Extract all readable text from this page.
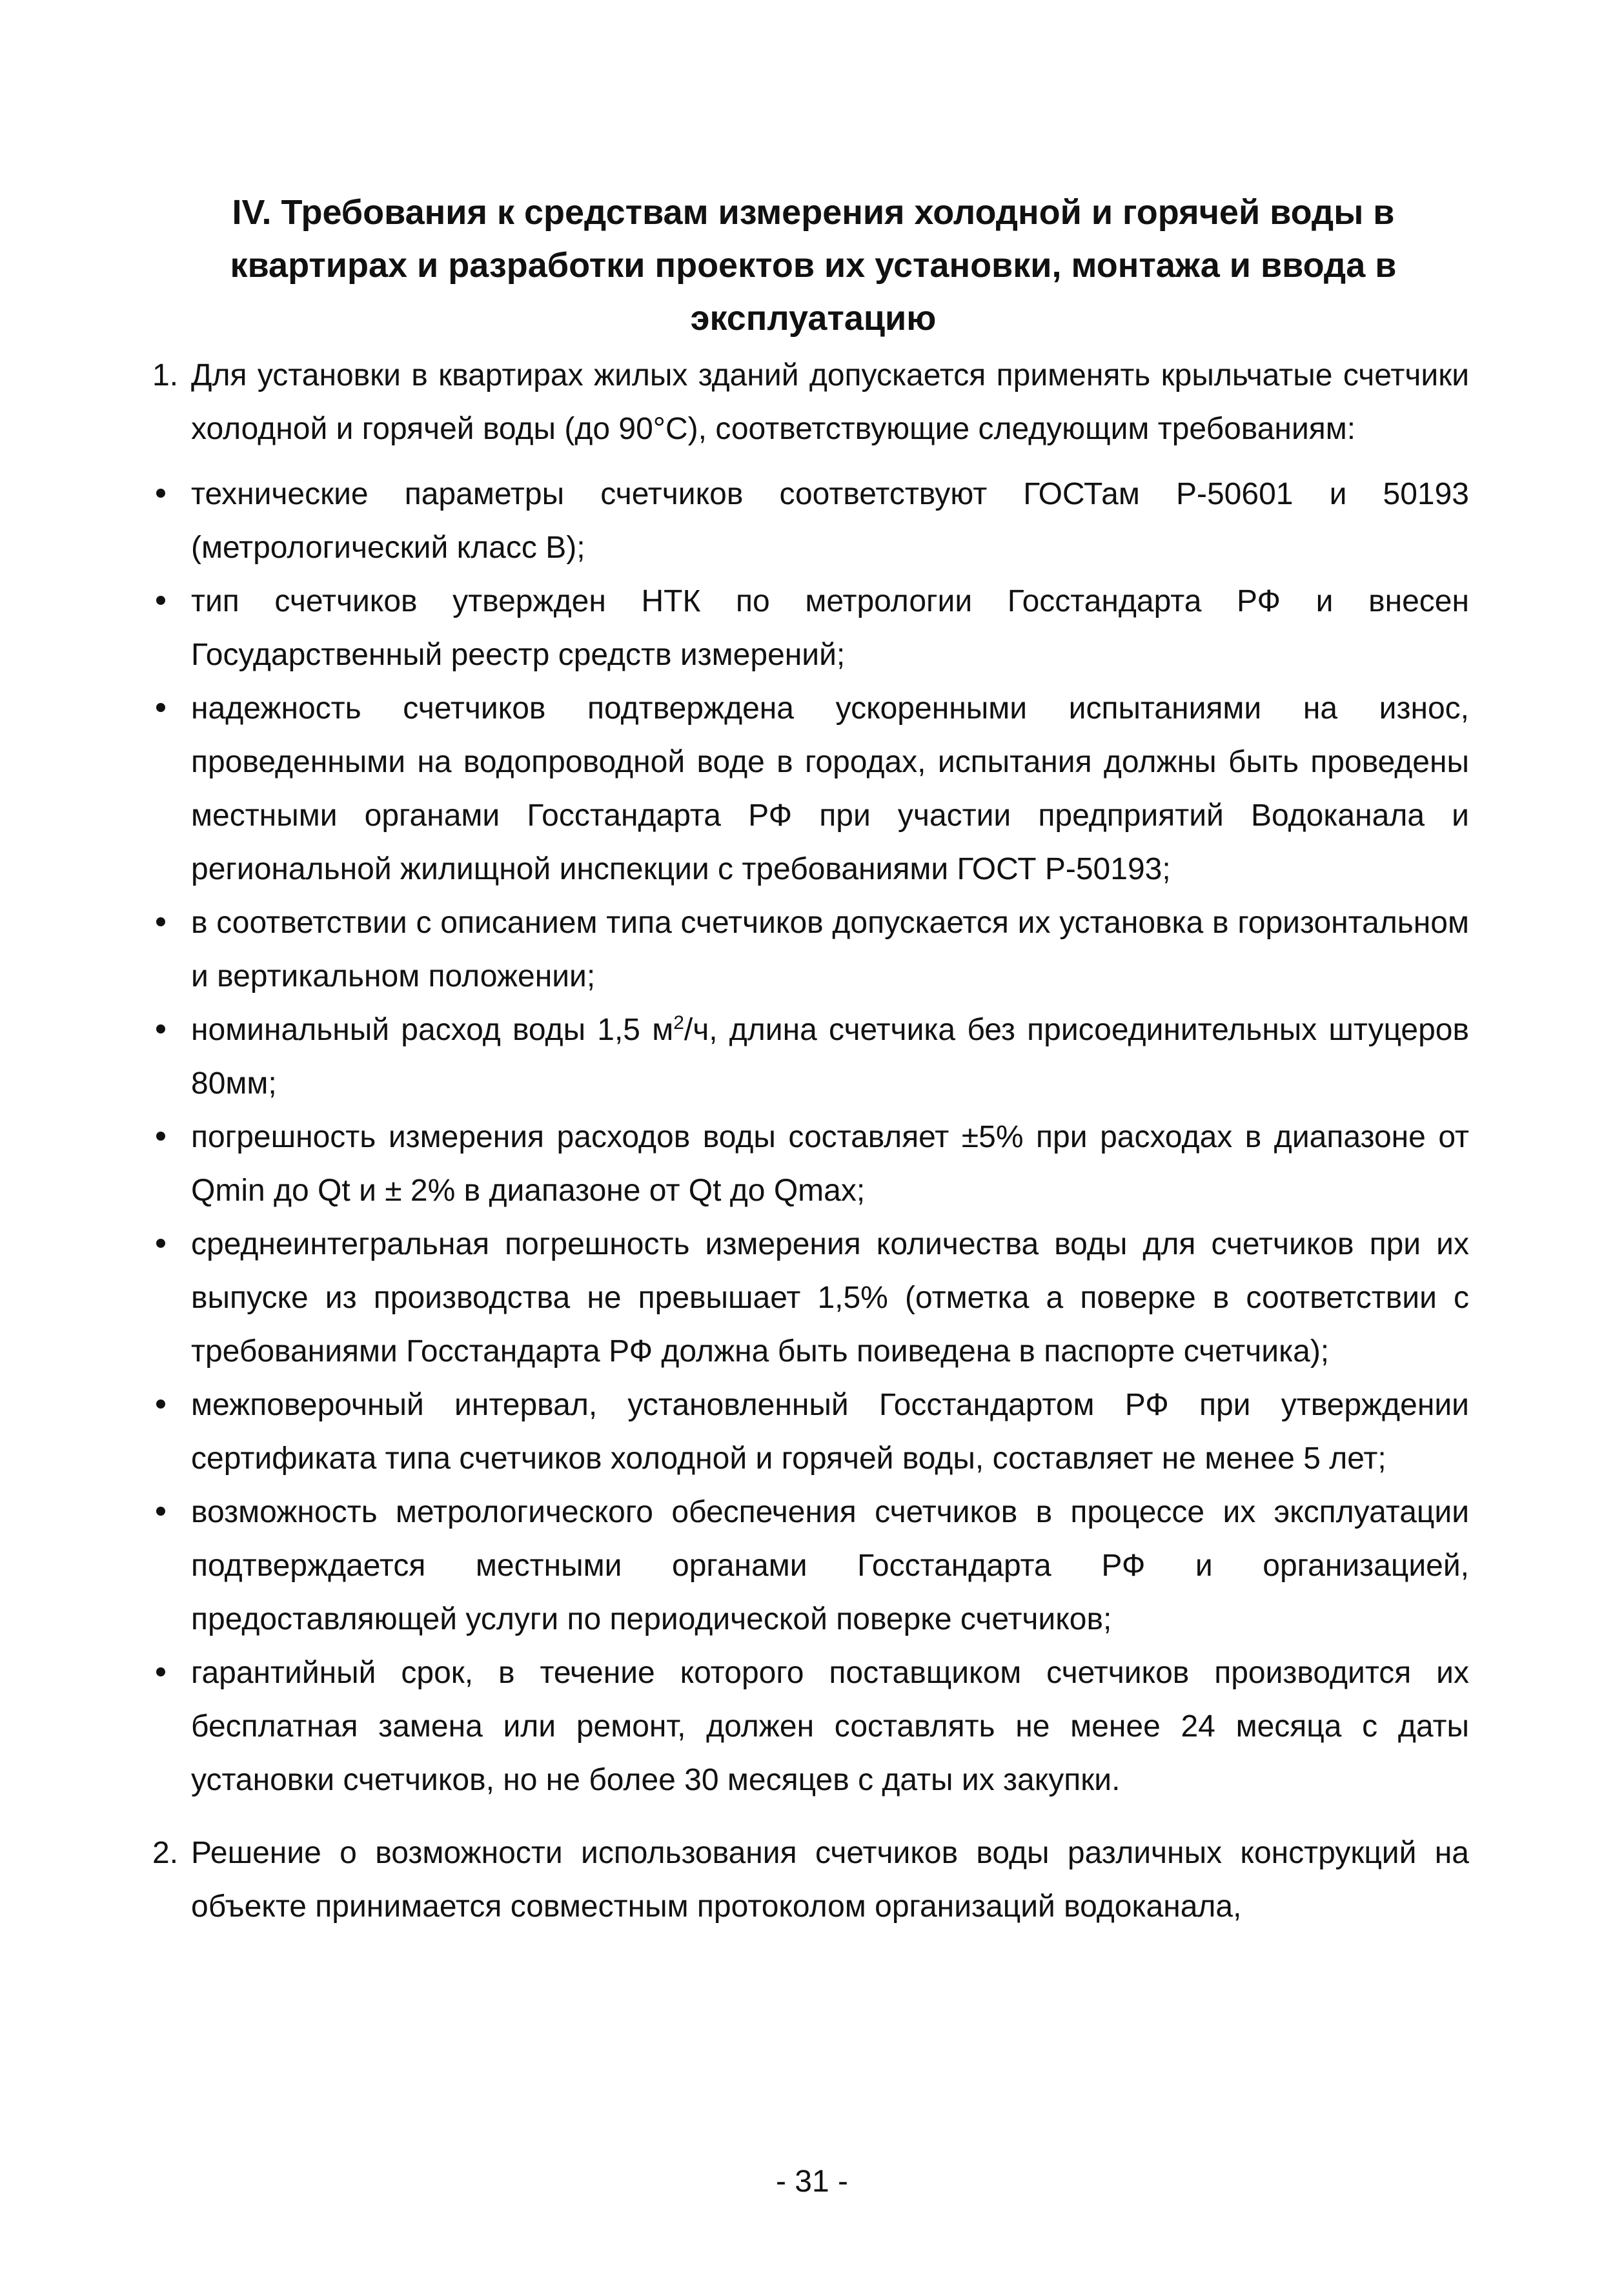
IV. Требования к средствам измерения холодной и горячей воды в квартирах и разработки проектов их установки, монтажа и ввода в эксплуатацию
1. Для установки в квартирах жилых зданий допускается применять крыльчатые счетчики холодной и горячей воды (до 90°С), соответствующие следующим требованиям:
технические параметры счетчиков соответствуют ГОСТам Р-50601 и 50193 (метрологический класс В);
тип счетчиков утвержден НТК по метрологии Госстандарта РФ и внесен Государственный реестр средств измерений;
надежность счетчиков подтверждена ускоренными испытаниями на износ, проведенными на водопроводной воде в городах, испытания должны быть проведены местными органами Госстандарта РФ при участии предприятий Водоканала и региональной жилищной инспекции с требованиями ГОСТ Р-50193;
в соответствии с описанием типа счетчиков допускается их установка в горизонтальном и вертикальном положении;
номинальный расход воды 1,5 $м^2/ч$, длина счетчика без присоединительных штуцеров 80мм;
погрешность измерения расходов воды составляет ±5% при расходах в диапазоне от Qmin до Qt и ± 2% в диапазоне от Qt до Qmax;
среднеинтегральная погрешность измерения количества воды для счетчиков при их выпуске из производства не превышает 1,5% (отметка а поверке в соответствии с требованиями Госстандарта РФ должна быть поиведена в паспорте счетчика);
межповерочный интервал, установленный Госстандартом РФ при утверждении сертификата типа счетчиков холодной и горячей воды, составляет не менее 5 лет;
возможность метрологического обеспечения счетчиков в процессе их эксплуатации подтверждается местными органами Госстандарта РФ и организацией, предоставляющей услуги по периодической поверке счетчиков;
гарантийный срок, в течение которого поставщиком счетчиков производится их бесплатная замена или ремонт, должен составлять не менее 24 месяца с даты установки счетчиков, но не более 30 месяцев с даты их закупки.
2. Решение о возможности использования счетчиков воды различных конструкций на объекте принимается совместным протоколом организаций водоканала,
- 31 -
